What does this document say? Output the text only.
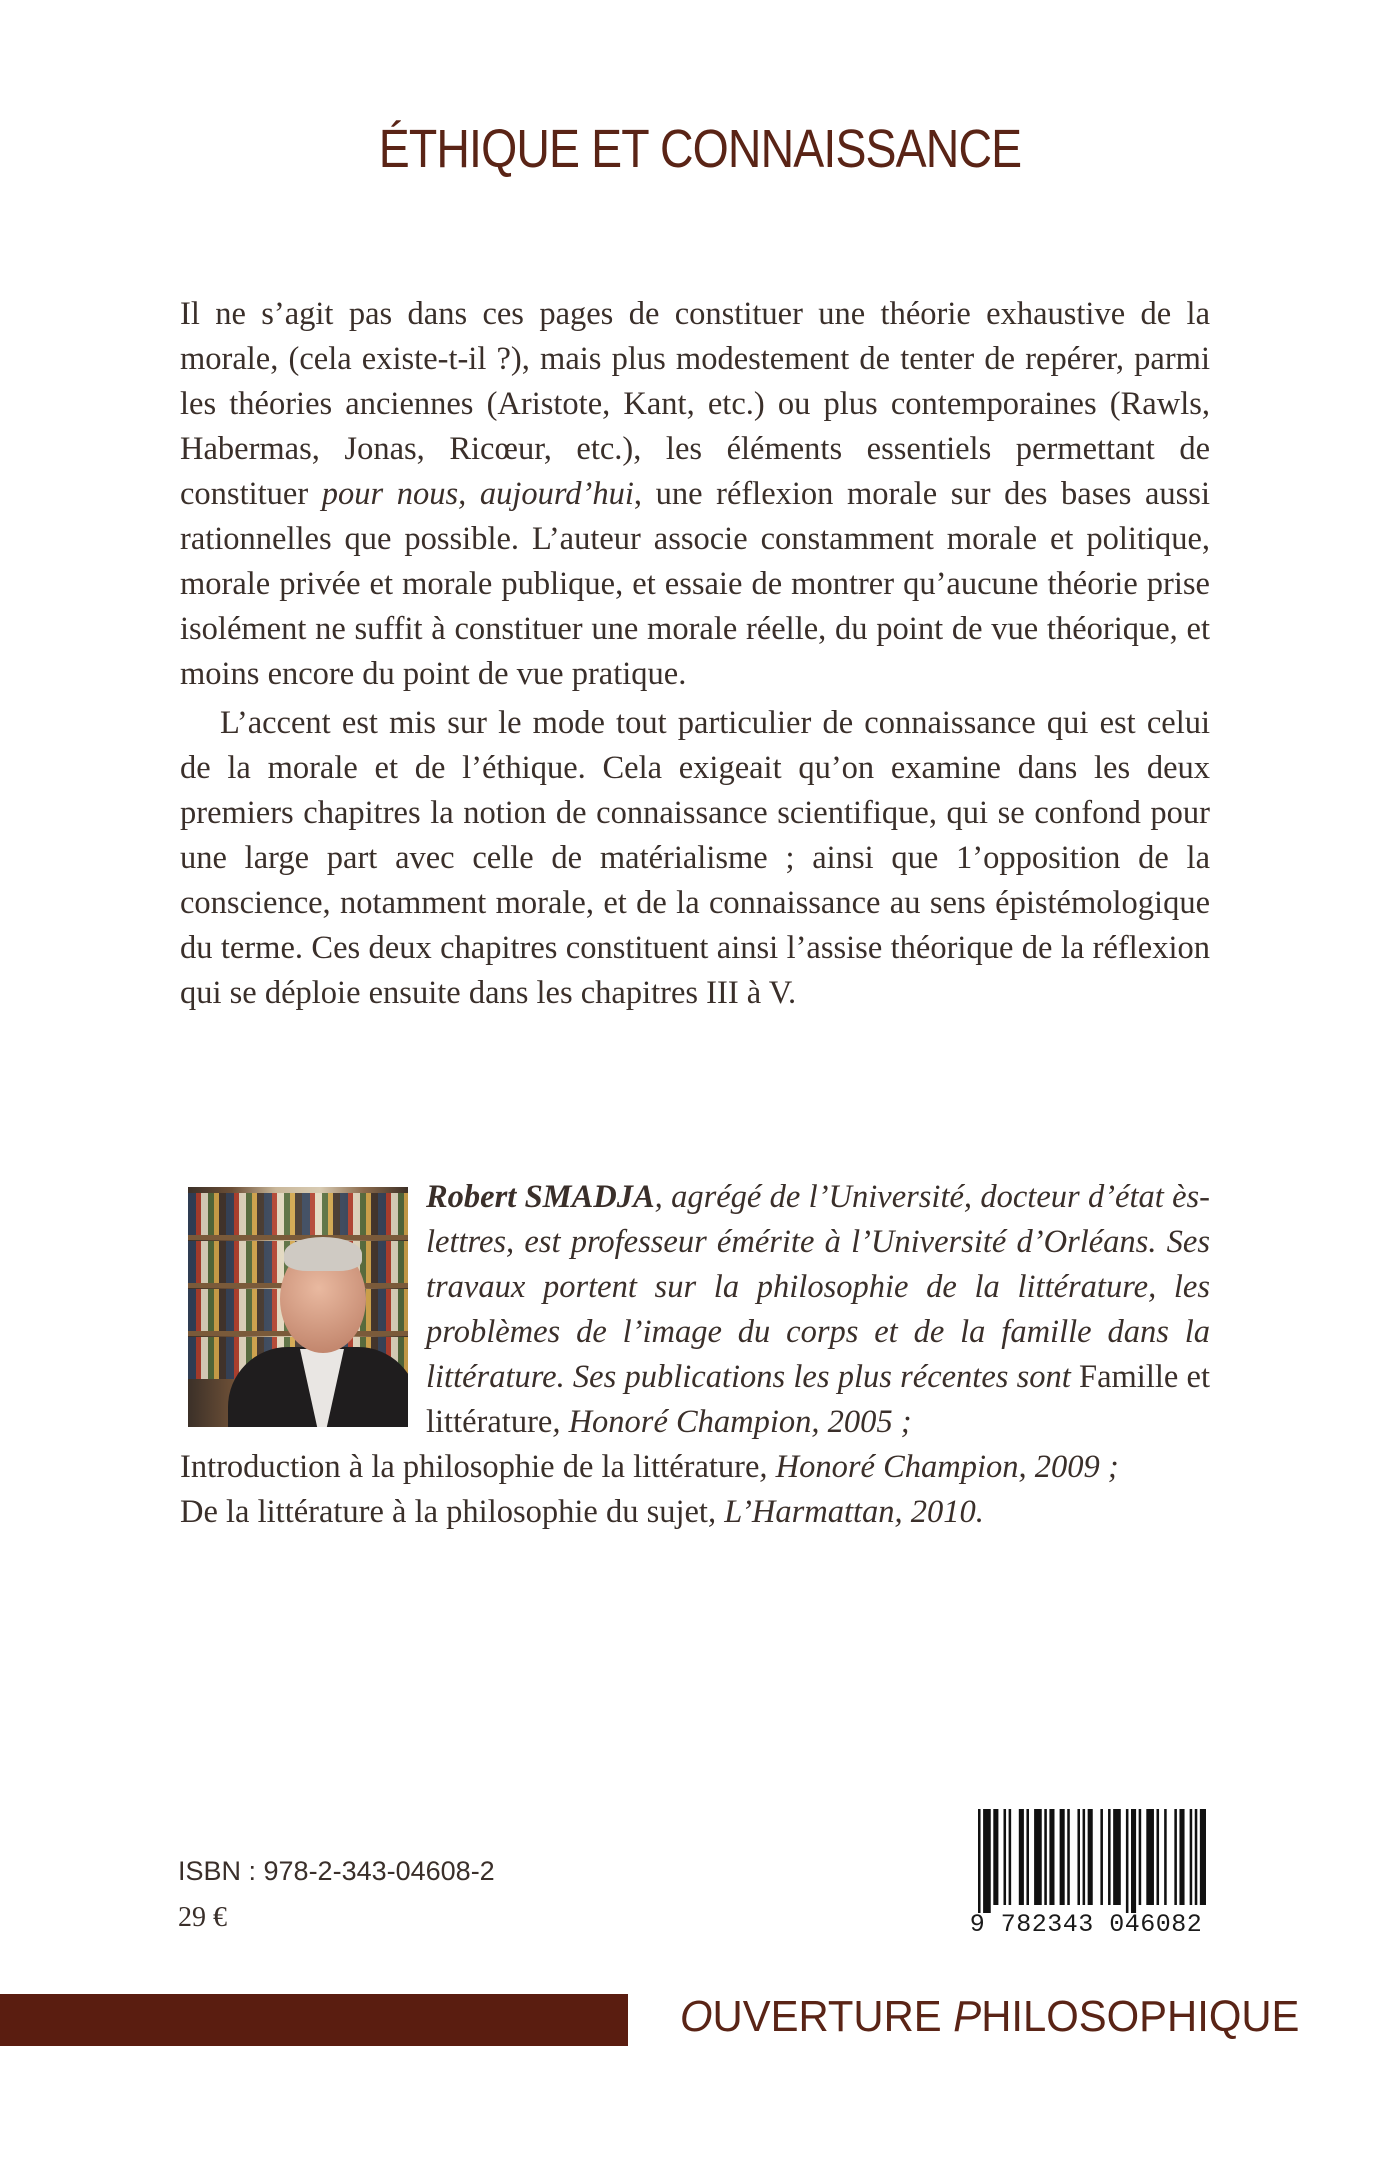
ÉTHIQUE ET CONNAISSANCE

Il ne s’agit pas dans ces pages de constituer une théorie exhaustive de la morale, (cela existe-t-il ?), mais plus modestement de tenter de repérer, parmi les théories anciennes (Aristote, Kant, etc.) ou plus contemporaines (Rawls, Habermas, Jonas, Ricœur, etc.), les éléments essentiels permettant de constituer pour nous, aujourd’hui, une réflexion morale sur des bases aussi rationnelles que possible. L’auteur associe constamment morale et politique, morale privée et morale publique, et essaie de montrer qu’aucune théorie prise isolément ne suffit à constituer une morale réelle, du point de vue théorique, et moins encore du point de vue pratique.

L’accent est mis sur le mode tout particulier de connaissance qui est celui de la morale et de l’éthique. Cela exigeait qu’on examine dans les deux premiers chapitres la notion de connaissance scientifique, qui se confond pour une large part avec celle de matérialisme ; ainsi que 1’opposition de la conscience, notamment morale, et de la connaissance au sens épistémologique du terme. Ces deux chapitres constituent ainsi l’assise théorique de la réflexion qui se déploie ensuite dans les chapitres III à V.

Robert SMADJA, agrégé de l’Université, docteur d’état ès-lettres, est professeur émérite à l’Université d’Orléans. Ses travaux portent sur la philosophie de la littérature, les problèmes de l’image du corps et de la famille dans la littérature. Ses publications les plus récentes sont Famille et littérature, Honoré Champion, 2005 ;
Introduction à la philosophie de la littérature, Honoré Champion, 2009 ;
De la littérature à la philosophie du sujet, L’Harmattan, 2010.
ISBN : 978-2-343-04608-2
29 €	9 782343 046082
OUVERTURE PHILOSOPHIQUE
